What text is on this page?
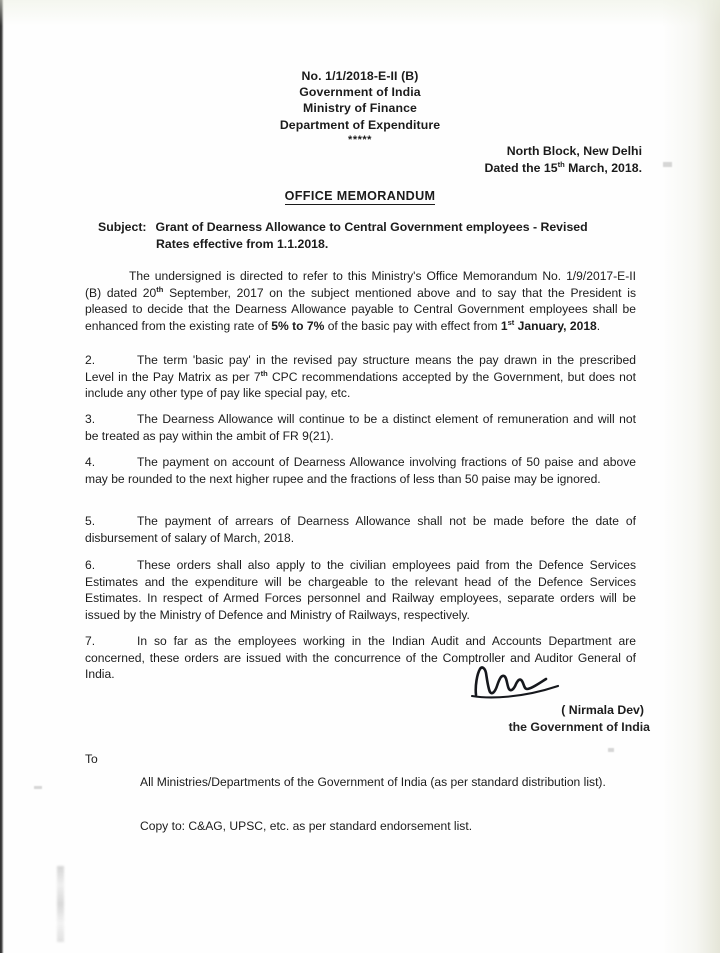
No. 1/1/2018-E-II (B)
Government of India
Ministry of Finance
Department of Expenditure
*****
North Block, New Delhi
Dated the 15th March, 2018.
OFFICE MEMORANDUM
Subject: Grant of Dearness Allowance to Central Government employees - Revised
Rates effective from 1.1.2018.
The undersigned is directed to refer to this Ministry's Office Memorandum No. 1/9/2017-E-II (B) dated 20th September, 2017 on the subject mentioned above and to say that the President is pleased to decide that the Dearness Allowance payable to Central Government employees shall be enhanced from the existing rate of 5% to 7% of the basic pay with effect from 1st January, 2018.
2.	The term 'basic pay' in the revised pay structure means the pay drawn in the prescribed Level in the Pay Matrix as per 7th CPC recommendations accepted by the Government, but does not include any other type of pay like special pay, etc.
3.	The Dearness Allowance will continue to be a distinct element of remuneration and will not be treated as pay within the ambit of FR 9(21).
4.	The payment on account of Dearness Allowance involving fractions of 50 paise and above may be rounded to the next higher rupee and the fractions of less than 50 paise may be ignored.
5.	The payment of arrears of Dearness Allowance shall not be made before the date of disbursement of salary of March, 2018.
6.	These orders shall also apply to the civilian employees paid from the Defence Services Estimates and the expenditure will be chargeable to the relevant head of the Defence Services Estimates. In respect of Armed Forces personnel and Railway employees, separate orders will be issued by the Ministry of Defence and Ministry of Railways, respectively.
7.	In so far as the employees working in the Indian Audit and Accounts Department are concerned, these orders are issued with the concurrence of the Comptroller and Auditor General of India.
( Nirmala Dev)
the Government of India
To
All Ministries/Departments of the Government of India (as per standard distribution list).
Copy to: C&AG, UPSC, etc. as per standard endorsement list.
